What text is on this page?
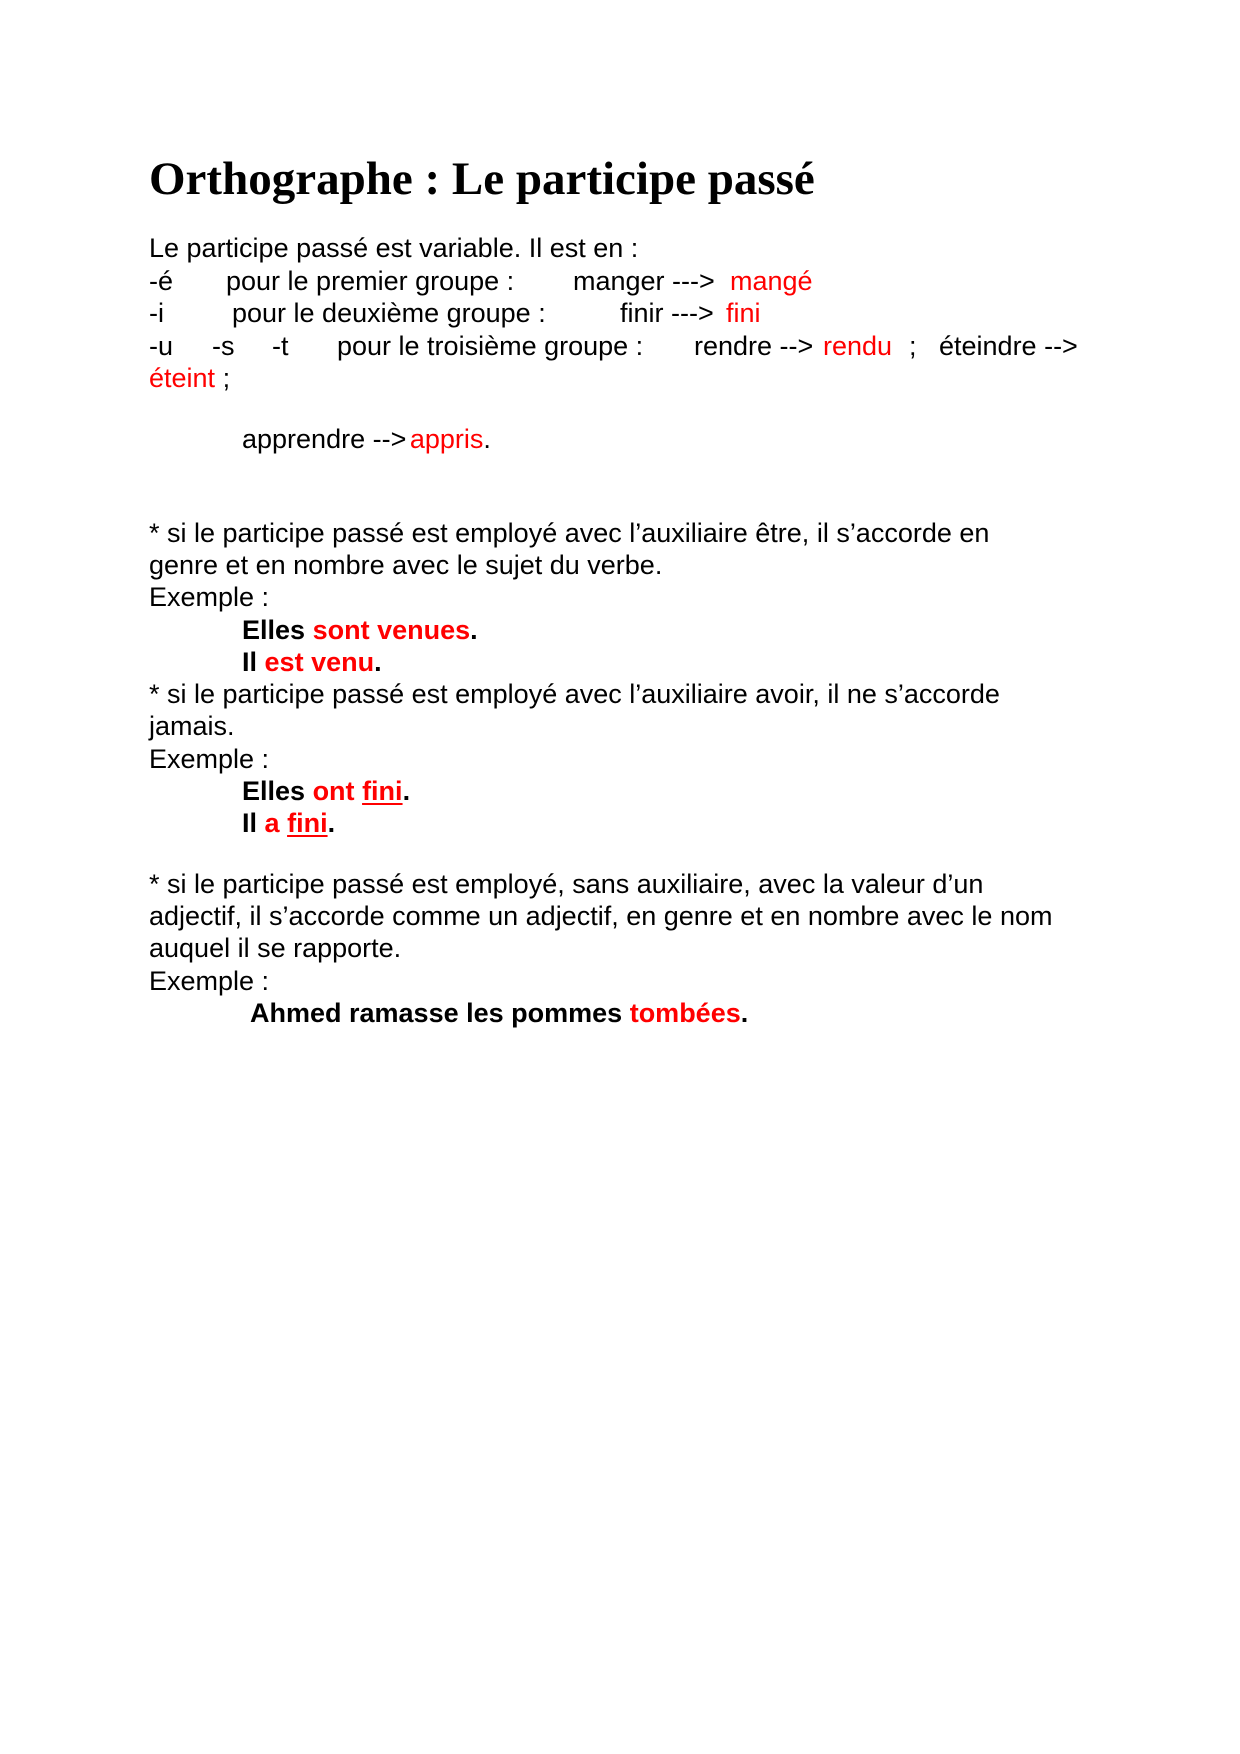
Orthographe : Le participe passé
Le participe passé est variable. Il est en :
-é pour le premier groupe : manger ---> mangé
-i	pour le deuxième groupe :	finir ---> fini
-u -s -t pour le troisième groupe : rendre --> rendu ; éteindre -->
éteint ;
apprendre --> appris.
* si le participe passé est employé avec l’auxiliaire être, il s’accorde en
genre et en nombre avec le sujet du verbe.
Exemple :
Elles sont venues.
Il est venu.
* si le participe passé est employé avec l’auxiliaire avoir, il ne s’accorde
jamais.
Exemple :
Elles ont fini.
Il a fini.
* si le participe passé est employé, sans auxiliaire, avec la valeur d’un
adjectif, il s’accorde comme un adjectif, en genre et en nombre avec le nom
auquel il se rapporte.
Exemple :
Ahmed ramasse les pommes tombées.
